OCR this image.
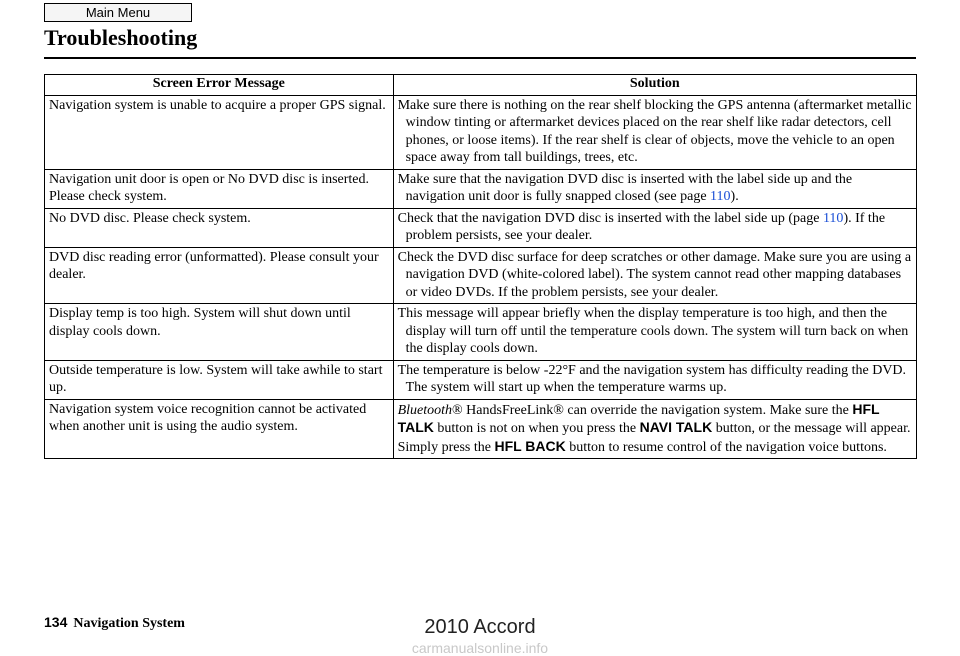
Main Menu
Troubleshooting
Screen Error Message	Solution
Navigation system is unable to acquire a proper GPS signal.	Make sure there is nothing on the rear shelf blocking the GPS antenna (aftermarket metallic window tinting or aftermarket devices placed on the rear shelf like radar detectors, cell phones, or loose items). If the rear shelf is clear of objects, move the vehicle to an open space away from tall buildings, trees, etc.

Navigation unit door is open or No DVD disc is inserted. Please check system.	Make sure that the navigation DVD disc is inserted with the label side up and the navigation unit door is fully snapped closed (see page 110).

No DVD disc. Please check system.	Check that the navigation DVD disc is inserted with the label side up (page 110). If the problem persists, see your dealer.

DVD disc reading error (unformatted). Please consult your dealer.	Check the DVD disc surface for deep scratches or other damage. Make sure you are using a navigation DVD (white-colored label). The system cannot read other mapping databases or video DVDs. If the problem persists, see your dealer.

Display temp is too high. System will shut down until display cools down.	This message will appear briefly when the display temperature is too high, and then the display will turn off until the temperature cools down. The system will turn back on when the display cools down.

Outside temperature is low. System will take awhile to start up.	The temperature is below -22°F and the navigation system has difficulty reading the DVD. The system will start up when the temperature warms up.

Navigation system voice recognition cannot be activated when another unit is using the audio system.	Bluetooth® HandsFreeLink® can override the navigation system. Make sure the HFL TALK button is not on when you press the NAVI TALK button, or the message will appear. Simply press the HFL BACK button to resume control of the navigation voice buttons.
134 Navigation System	2010 Accord
carmanualsonline.info
